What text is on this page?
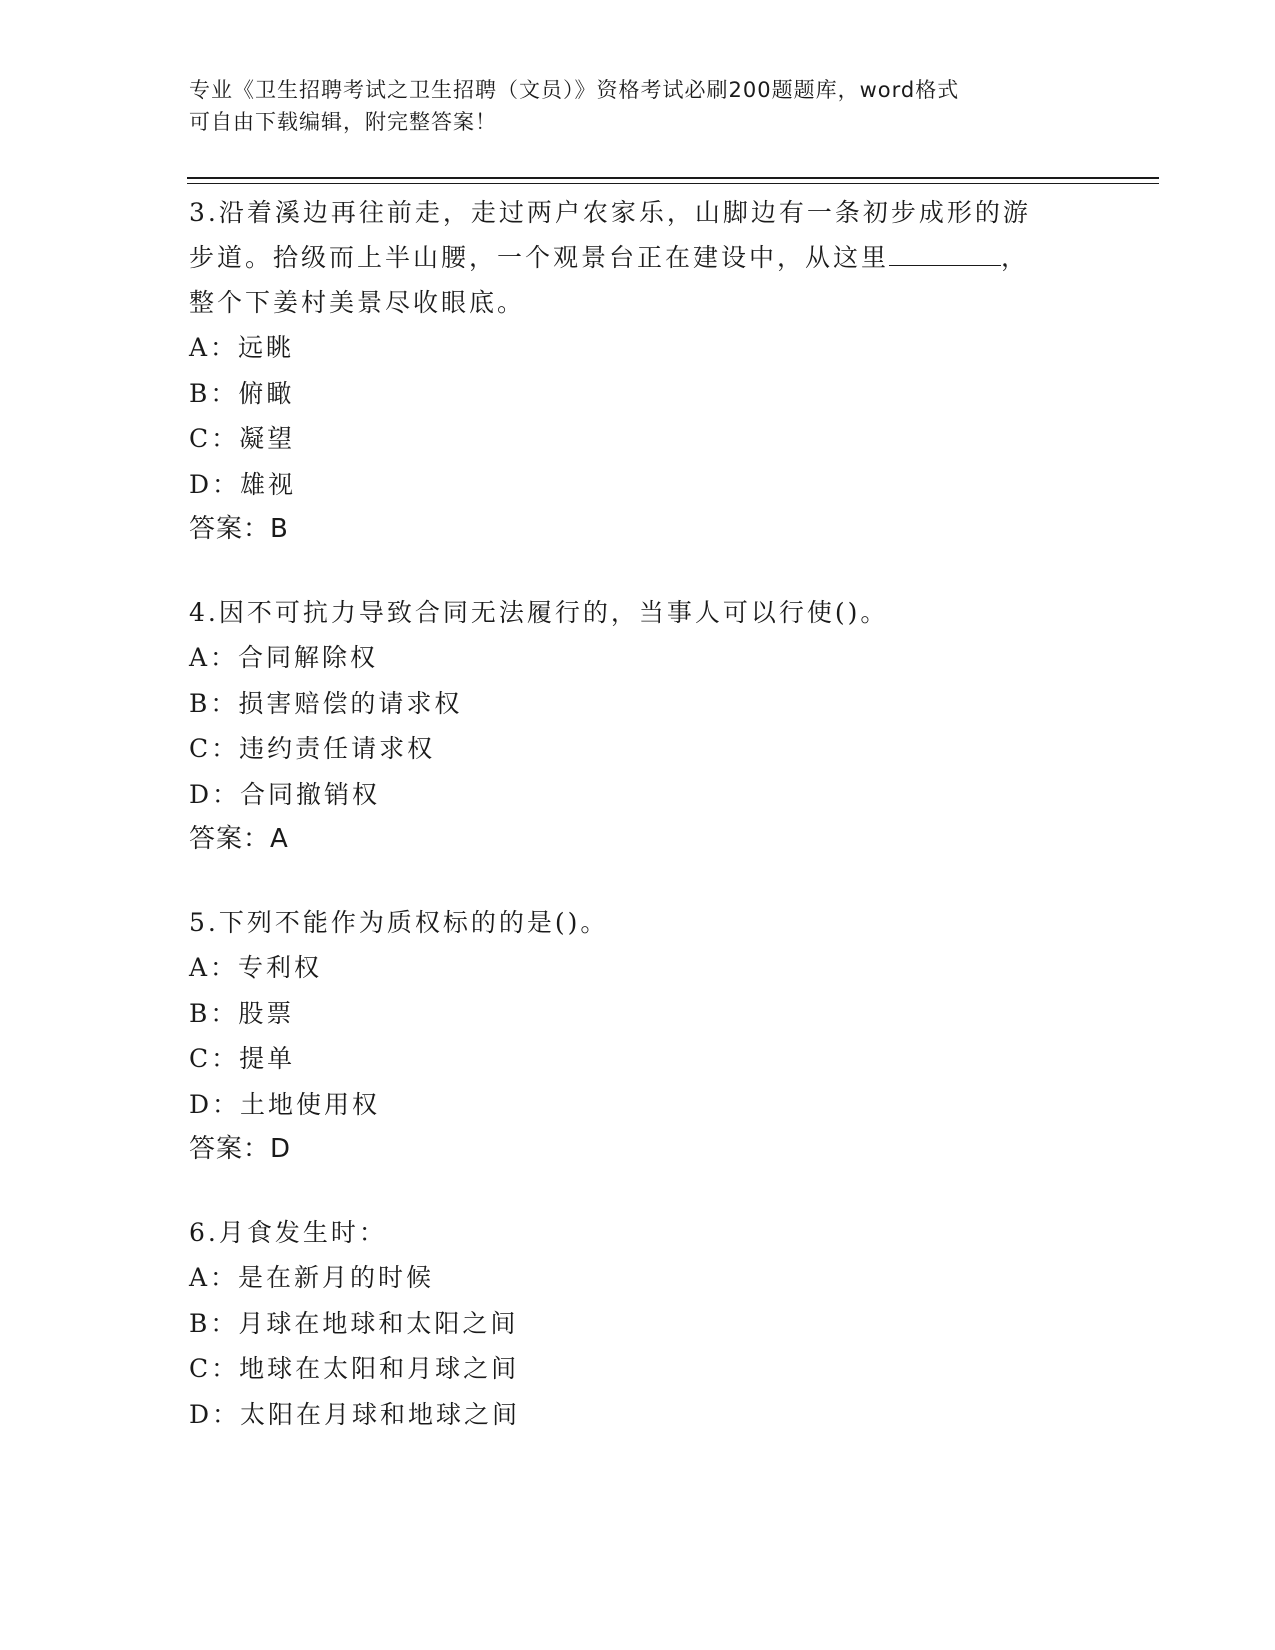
专业《卫生招聘考试之卫生招聘（文员）》资格考试必刷200题题库，word格式
可自由下载编辑，附完整答案！
3.沿着溪边再往前走，走过两户农家乐，山脚边有一条初步成形的游
步道。拾级而上半山腰，一个观景台正在建设中，从这里	，
整个下姜村美景尽收眼底。
A：远眺
B：俯瞰
C：凝望
D：雄视
答案：B
4.因不可抗力导致合同无法履行的，当事人可以行使()。
A：合同解除权
B：损害赔偿的请求权
C：违约责任请求权
D：合同撤销权
答案：A
5.下列不能作为质权标的的是()。
A：专利权
B：股票
C：提单
D：土地使用权
答案：D
6.月食发生时：
A：是在新月的时候
B：月球在地球和太阳之间
C：地球在太阳和月球之间
D：太阳在月球和地球之间
